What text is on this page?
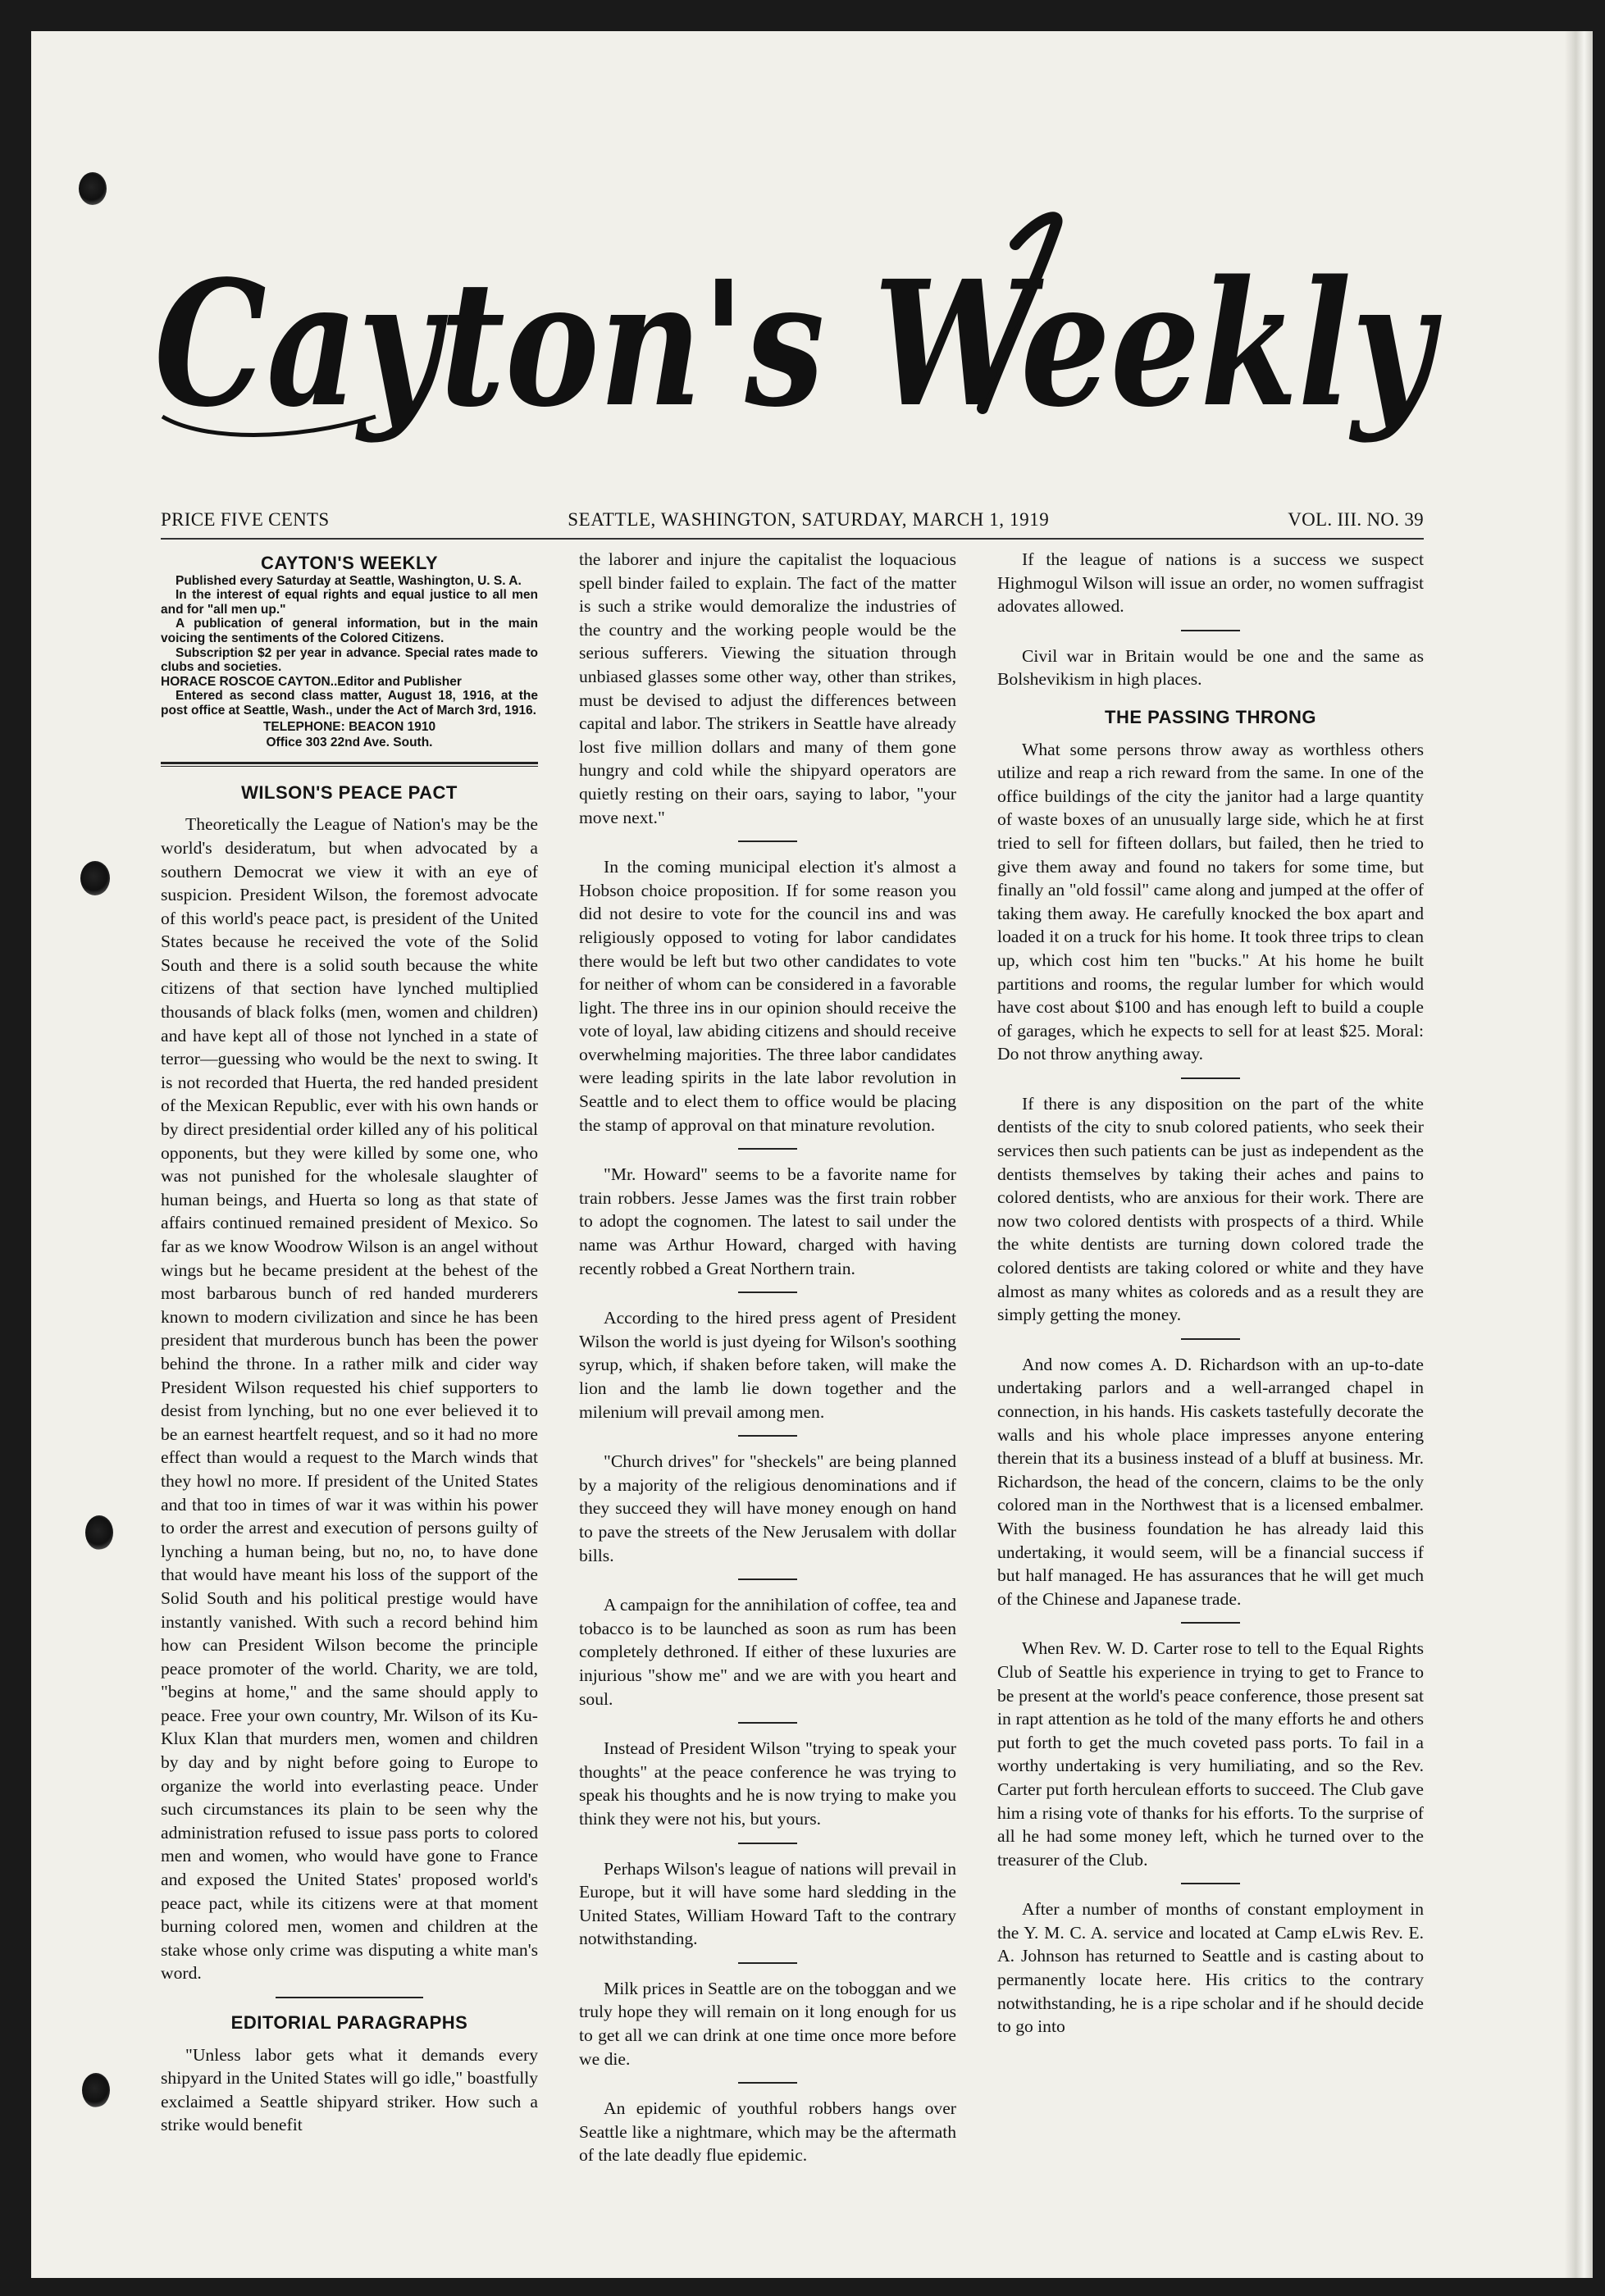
Cayton's Weekly
PRICE FIVE CENTS	SEATTLE, WASHINGTON, SATURDAY, MARCH 1, 1919	VOL. III. NO. 39
CAYTON'S WEEKLY

Published every Saturday at Seattle, Washington, U. S. A.

In the interest of equal rights and equal justice to all men and for "all men up."

A publication of general information, but in the main voicing the sentiments of the Colored Citizens.

Subscription $2 per year in advance. Special rates made to clubs and societies.

HORACE ROSCOE CAYTON..Editor and Publisher

Entered as second class matter, August 18, 1916, at the post office at Seattle, Wash., under the Act of March 3rd, 1916.

TELEPHONE: BEACON 1910

Office 303 22nd Ave. South.

WILSON'S PEACE PACT

Theoretically the League of Nation's may be the world's desideratum, but when advocated by a southern Democrat we view it with an eye of suspicion. President Wilson, the foremost advocate of this world's peace pact, is president of the United States because he received the vote of the Solid South and there is a solid south because the white citizens of that section have lynched multiplied thousands of black folks (men, women and children) and have kept all of those not lynched in a state of terror—guessing who would be the next to swing. It is not recorded that Huerta, the red handed president of the Mexican Republic, ever with his own hands or by direct presidential order killed any of his political opponents, but they were killed by some one, who was not punished for the wholesale slaughter of human beings, and Huerta so long as that state of affairs continued remained president of Mexico. So far as we know Woodrow Wilson is an angel without wings but he became president at the behest of the most barbarous bunch of red handed murderers known to modern civilization and since he has been president that murderous bunch has been the power behind the throne. In a rather milk and cider way President Wilson requested his chief supporters to desist from lynching, but no one ever believed it to be an earnest heartfelt request, and so it had no more effect than would a request to the March winds that they howl no more. If president of the United States and that too in times of war it was within his power to order the arrest and execution of persons guilty of lynching a human being, but no, no, to have done that would have meant his loss of the support of the Solid South and his political prestige would have instantly vanished. With such a record behind him how can President Wilson become the principle peace promoter of the world. Charity, we are told, "begins at home," and the same should apply to peace. Free your own country, Mr. Wilson of its Ku-Klux Klan that murders men, women and children by day and by night before going to Europe to organize the world into everlasting peace. Under such circumstances its plain to be seen why the administration refused to issue pass ports to colored men and women, who would have gone to France and exposed the United States' proposed world's peace pact, while its citizens were at that moment burning colored men, women and children at the stake whose only crime was disputing a white man's word.

EDITORIAL PARAGRAPHS

"Unless labor gets what it demands every shipyard in the United States will go idle," boastfully exclaimed a Seattle shipyard striker. How such a strike would benefit

the laborer and injure the capitalist the loquacious spell binder failed to explain. The fact of the matter is such a strike would demoralize the industries of the country and the working people would be the serious sufferers. Viewing the situation through unbiased glasses some other way, other than strikes, must be devised to adjust the differences between capital and labor. The strikers in Seattle have already lost five million dollars and many of them gone hungry and cold while the shipyard operators are quietly resting on their oars, saying to labor, "your move next."

In the coming municipal election it's almost a Hobson choice proposition. If for some reason you did not desire to vote for the council ins and was religiously opposed to voting for labor candidates there would be left but two other candidates to vote for neither of whom can be considered in a favorable light. The three ins in our opinion should receive the vote of loyal, law abiding citizens and should receive overwhelming majorities. The three labor candidates were leading spirits in the late labor revolution in Seattle and to elect them to office would be placing the stamp of approval on that minature revolution.

"Mr. Howard" seems to be a favorite name for train robbers. Jesse James was the first train robber to adopt the cognomen. The latest to sail under the name was Arthur Howard, charged with having recently robbed a Great Northern train.

According to the hired press agent of President Wilson the world is just dyeing for Wilson's soothing syrup, which, if shaken before taken, will make the lion and the lamb lie down together and the milenium will prevail among men.

"Church drives" for "sheckels" are being planned by a majority of the religious denominations and if they succeed they will have money enough on hand to pave the streets of the New Jerusalem with dollar bills.

A campaign for the annihilation of coffee, tea and tobacco is to be launched as soon as rum has been completely dethroned. If either of these luxuries are injurious "show me" and we are with you heart and soul.

Instead of President Wilson "trying to speak your thoughts" at the peace conference he was trying to speak his thoughts and he is now trying to make you think they were not his, but yours.

Perhaps Wilson's league of nations will prevail in Europe, but it will have some hard sledding in the United States, William Howard Taft to the contrary notwithstanding.

Milk prices in Seattle are on the toboggan and we truly hope they will remain on it long enough for us to get all we can drink at one time once more before we die.

An epidemic of youthful robbers hangs over Seattle like a nightmare, which may be the aftermath of the late deadly flue epidemic.

If the league of nations is a success we suspect Highmogul Wilson will issue an order, no women suffragist adovates allowed.

Civil war in Britain would be one and the same as Bolshevikism in high places.

THE PASSING THRONG

What some persons throw away as worthless others utilize and reap a rich reward from the same. In one of the office buildings of the city the janitor had a large quantity of waste boxes of an unusually large side, which he at first tried to sell for fifteen dollars, but failed, then he tried to give them away and found no takers for some time, but finally an "old fossil" came along and jumped at the offer of taking them away. He carefully knocked the box apart and loaded it on a truck for his home. It took three trips to clean up, which cost him ten "bucks." At his home he built partitions and rooms, the regular lumber for which would have cost about $100 and has enough left to build a couple of garages, which he expects to sell for at least $25. Moral: Do not throw anything away.

If there is any disposition on the part of the white dentists of the city to snub colored patients, who seek their services then such patients can be just as independent as the dentists themselves by taking their aches and pains to colored dentists, who are anxious for their work. There are now two colored dentists with prospects of a third. While the white dentists are turning down colored trade the colored dentists are taking colored or white and they have almost as many whites as coloreds and as a result they are simply getting the money.

And now comes A. D. Richardson with an up-to-date undertaking parlors and a well-arranged chapel in connection, in his hands. His caskets tastefully decorate the walls and his whole place impresses anyone entering therein that its a business instead of a bluff at business. Mr. Richardson, the head of the concern, claims to be the only colored man in the Northwest that is a licensed embalmer. With the business foundation he has already laid this undertaking, it would seem, will be a financial success if but half managed. He has assurances that he will get much of the Chinese and Japanese trade.

When Rev. W. D. Carter rose to tell to the Equal Rights Club of Seattle his experience in trying to get to France to be present at the world's peace conference, those present sat in rapt attention as he told of the many efforts he and others put forth to get the much coveted pass ports. To fail in a worthy undertaking is very humiliating, and so the Rev. Carter put forth herculean efforts to succeed. The Club gave him a rising vote of thanks for his efforts. To the surprise of all he had some money left, which he turned over to the treasurer of the Club.

After a number of months of constant employment in the Y. M. C. A. service and located at Camp eLwis Rev. E. A. Johnson has returned to Seattle and is casting about to permanently locate here. His critics to the contrary notwithstanding, he is a ripe scholar and if he should decide to go into
